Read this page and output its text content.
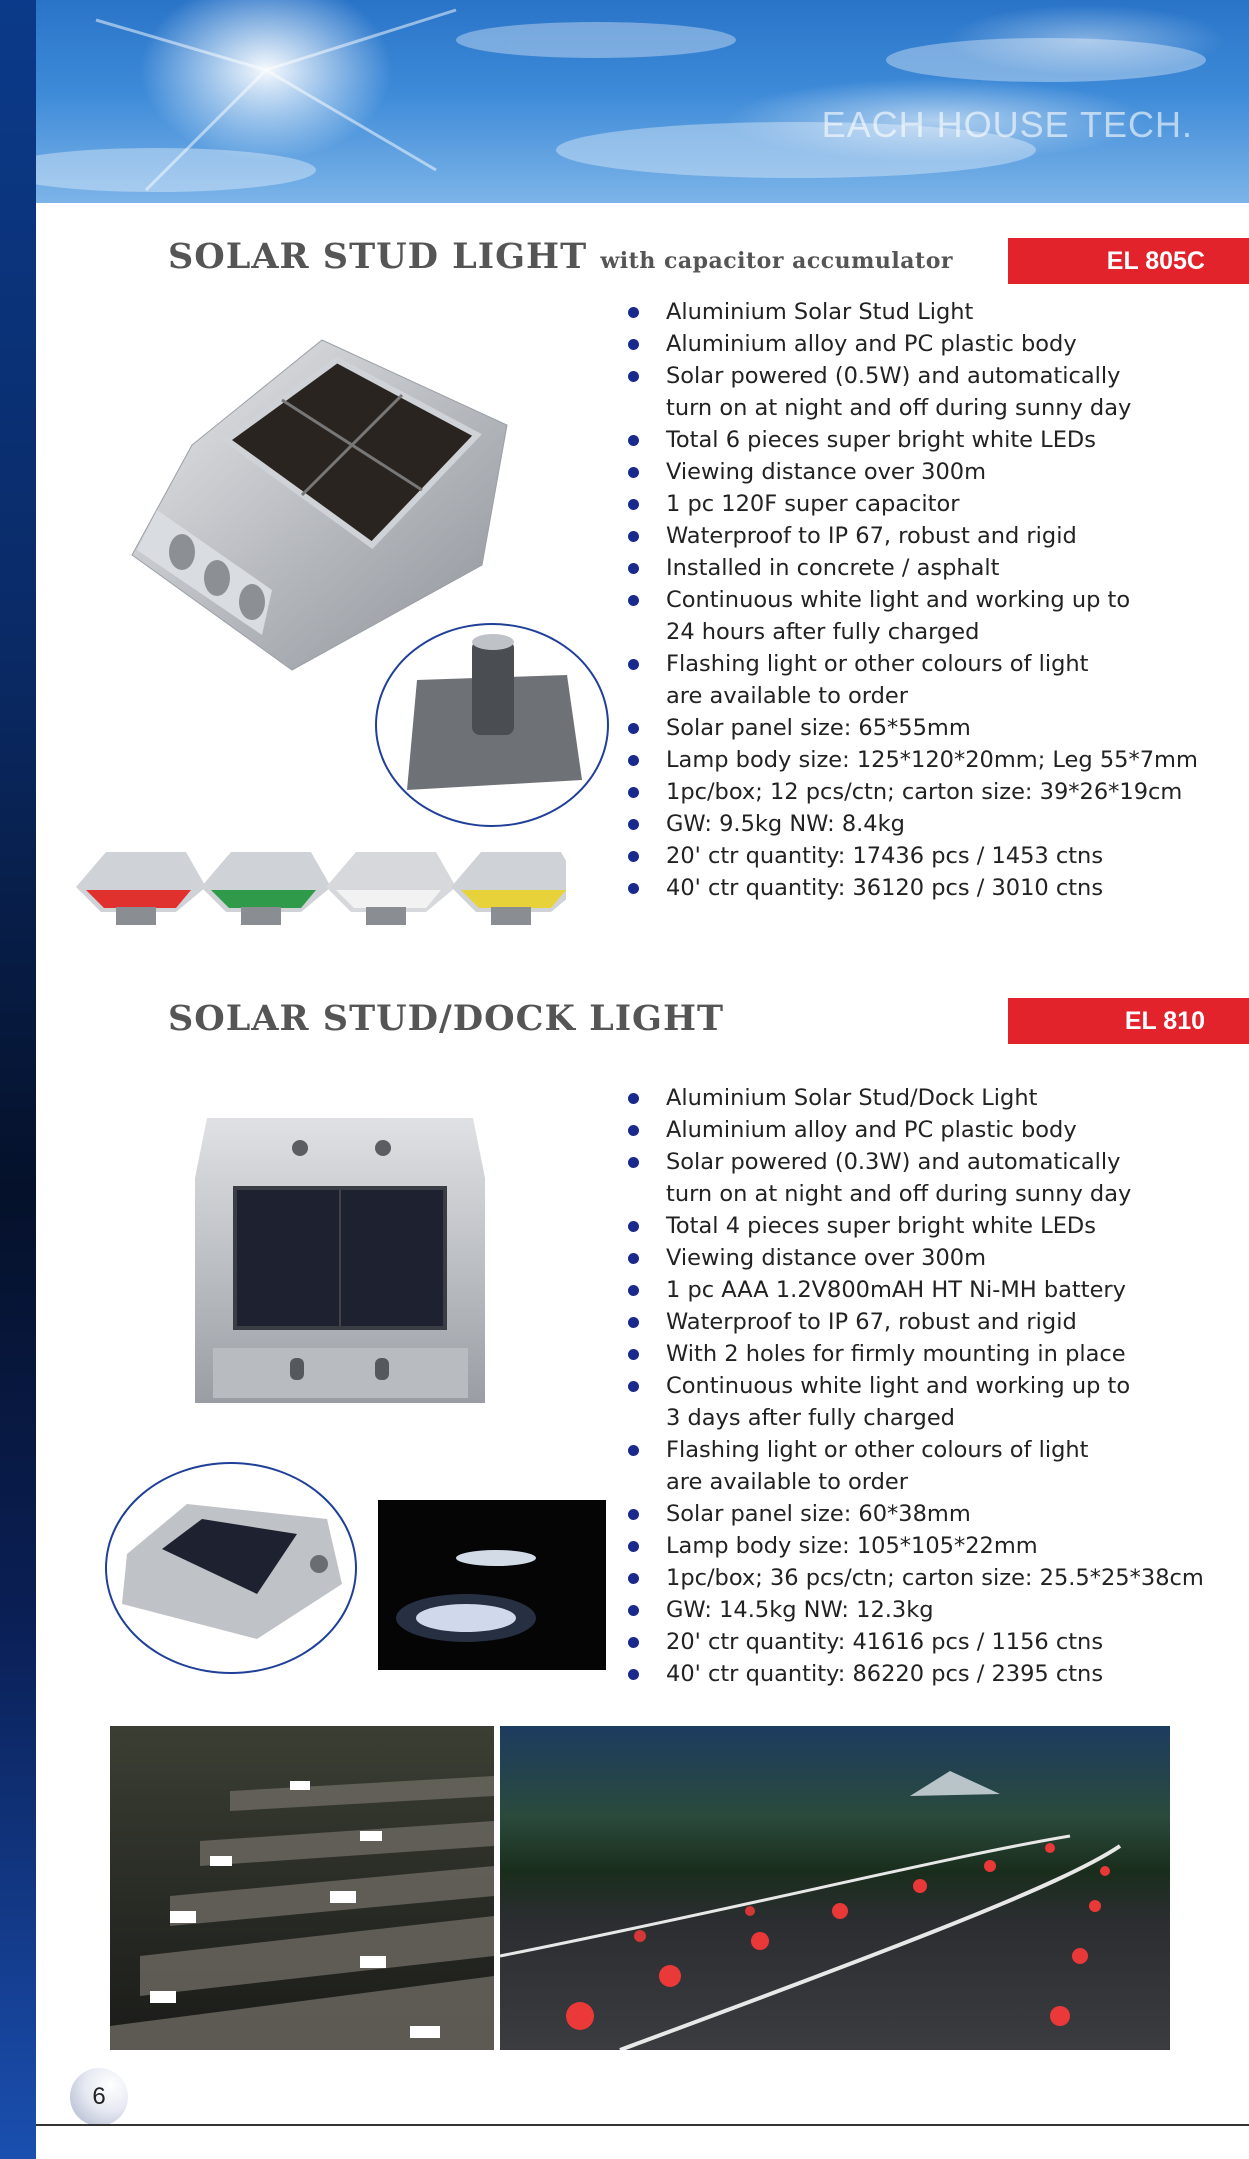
EACH HOUSE TECH.
SOLAR STUD LIGHT with capacitor accumulator	EL 805C
Aluminium Solar Stud Light
Aluminium alloy and PC plastic body
Solar powered (0.5W) and automatically
turn on at night and off during sunny day
Total 6 pieces super bright white LEDs
Viewing distance over 300m
1 pc 120F super capacitor
Waterproof to IP 67, robust and rigid
Installed in concrete / asphalt
Continuous white light and working up to
24 hours after fully charged
Flashing light or other colours of light
are available to order
Solar panel size: 65*55mm
Lamp body size: 125*120*20mm; Leg 55*7mm
1pc/box; 12 pcs/ctn; carton size: 39*26*19cm
GW: 9.5kg NW: 8.4kg
20' ctr quantity: 17436 pcs / 1453 ctns
40' ctr quantity: 36120 pcs / 3010 ctns
SOLAR STUD/DOCK LIGHT	EL 810
Aluminium Solar Stud/Dock Light
Aluminium alloy and PC plastic body
Solar powered (0.3W) and automatically
turn on at night and off during sunny day
Total 4 pieces super bright white LEDs
Viewing distance over 300m
1 pc AAA 1.2V800mAH HT Ni-MH battery
Waterproof to IP 67, robust and rigid
With 2 holes for firmly mounting in place
Continuous white light and working up to
3 days after fully charged
Flashing light or other colours of light
are available to order
Solar panel size: 60*38mm
Lamp body size: 105*105*22mm
1pc/box; 36 pcs/ctn; carton size: 25.5*25*38cm
GW: 14.5kg NW: 12.3kg
20' ctr quantity: 41616 pcs / 1156 ctns
40' ctr quantity: 86220 pcs / 2395 ctns
6
